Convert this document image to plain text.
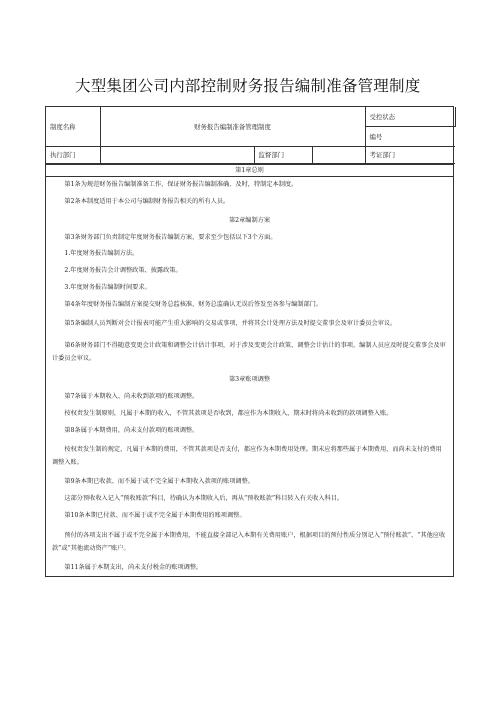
大型集团公司内部控制财务报告编制准备管理制度
制度名称	财务报告编制准备管理制度			受控状态
				编号
执行部门		监督部门		考证部门
第1章总则

第1条为规范财务报告编制准备工作，保证财务报告编制准确、及时，特制定本制度。

第2条本制度适用于本公司与编制财务报告相关的所有人员。

第2章编制方案

第3条财务部门负责制定年度财务报告编制方案，要求至少包括以下3个方面。

1.年度财务报告编制方法。

2.年度财务报告会计调整政策、披露政策。

3.年度财务报告编制时间要求。

第4条年度财务报告编制方案提交财务总监核准，财务总监确认无误后签发至各参与编制部门。

第5条编制人员判断对会计报表可能产生重大影响的交易或事项，并将其会计处理方法及时提交董事会及审计委员会审议。

第6条财务部门不得随意变更会计政策和调整会计估计事项，对于涉及变更会计政策、调整会计估计的事项，编制人员应及时提交董事会及审计委员会审议。

第3章账项调整

第7条属于本期收入、尚未收到款项的账项调整。

按权责发生制原则，凡属于本期的收入，不管其款项是否收到，都应作为本期收入，期末时将尚未收到的款项调整入账。

第8条属于本期费用，尚未支付款项的账项调整。

按权责发生制的规定，凡属于本期的费用，不管其款项是否支付，都应作为本期费用处理。期末应将那些属于本期费用，而尚未支付的费用调整入账。

第9条本期已收款、而不属于或不完全属于本期收入款项的账项调整。

这部分预收收入记入“预收账款”科目，待确认为本期收入后，再从“预收账款”科目转入有关收入科目。

第10条本期已付款、而不属于或不完全属于本期费用的账项调整。

预付的各项支出不属于或不完全属于本期费用，不能直接全部记入本期有关费用账户，根据项目的预付性质分别记入“预付账款”、“其他应收款”或“其他流动资产”账户。

第11条属于本期支出，尚未支付税金的账项调整。
